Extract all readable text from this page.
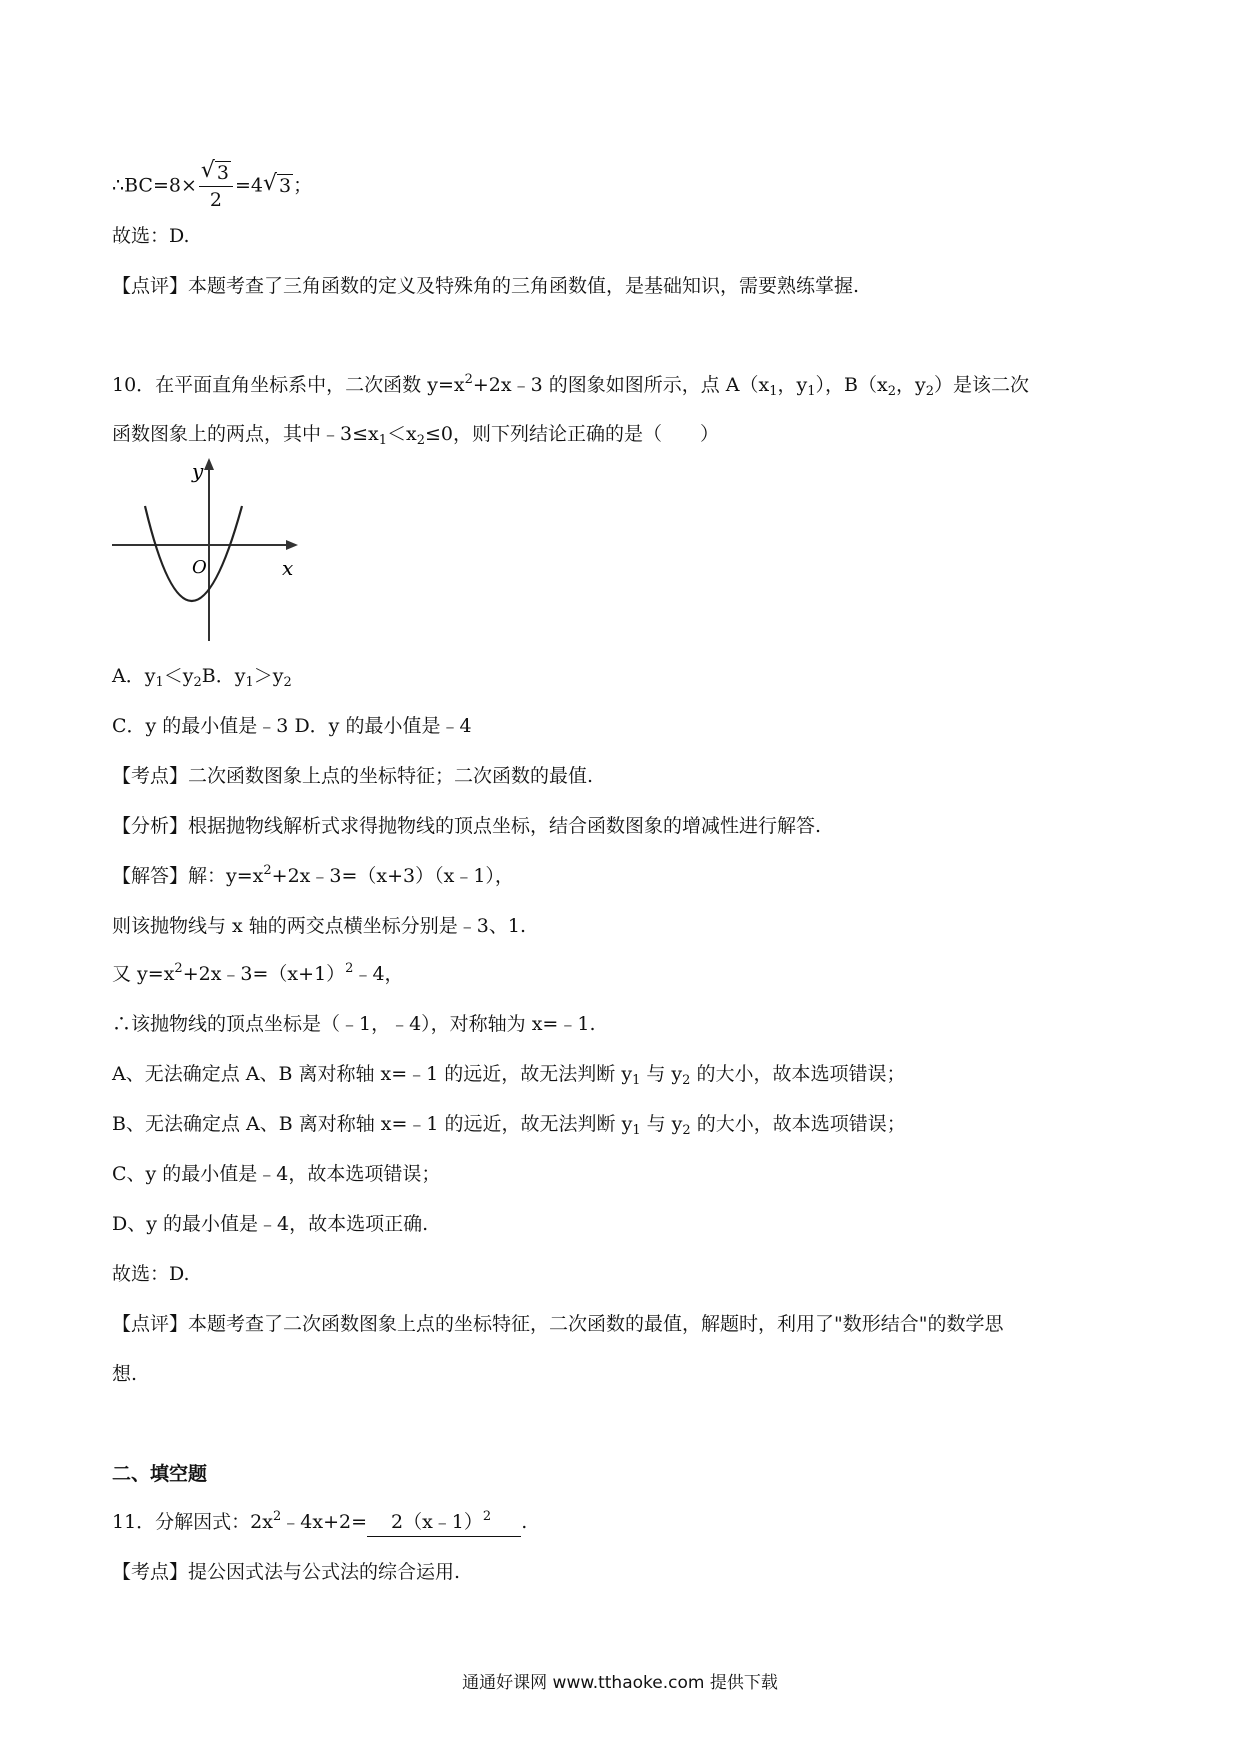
∴BC=8× $\frac{√ 3}{2} =4$ √ 3 ；
故选：D.
【点评】本题考查了三角函数的定义及特殊角的三角函数值，是基础知识，需要熟练掌握.
10．在平面直角坐标系中，二次函数 $y=x^2+2x﹣3$ 的图象如图所示，点 $A(x_1$，$y_1$），$B(x_2$，$y_2$）是该二次
函数图象上的两点，其中$﹣3\le x_1<x_2\le 0$，则下列结论正确的是（　　）
y
O	x
A．$y_1<y_2B$．$y_1>y_2$
C．y 的最小值是﹣3 D．y 的最小值是﹣4
【考点】二次函数图象上点的坐标特征；二次函数的最值.
【分析】根据抛物线解析式求得抛物线的顶点坐标，结合函数图象的增减性进行解答.
【解答】解：$y=x^2+2x﹣3=(x+3)(x﹣1)$，
则该抛物线与 x 轴的两交点横坐标分别是﹣3、1.
又 $y=x^2+2x﹣3=(x+1)^2﹣4$，
∴该抛物线的顶点坐标是（﹣1，﹣4），对称轴为 x=﹣1.
A、无法确定点 A、B 离对称轴 x=﹣1 的远近，故无法判断 $y_1$ 与 $y_2$ 的大小，故本选项错误；
B、无法确定点 A、B 离对称轴 x=﹣1 的远近，故无法判断 $y_1$ 与 $y_2$ 的大小，故本选项错误；
C、y 的最小值是﹣4，故本选项错误；
D、y 的最小值是﹣4，故本选项正确.
故选：D.
【点评】本题考查了二次函数图象上点的坐标特征，二次函数的最值，解题时，利用了"数形结合"的数学思
想.
二、填空题
11．分解因式：$2x^2﹣4x+2=$ 2（x﹣1）$^2$ .
【考点】提公因式法与公式法的综合运用.
通通好课网 www.tthaoke.com 提供下载
